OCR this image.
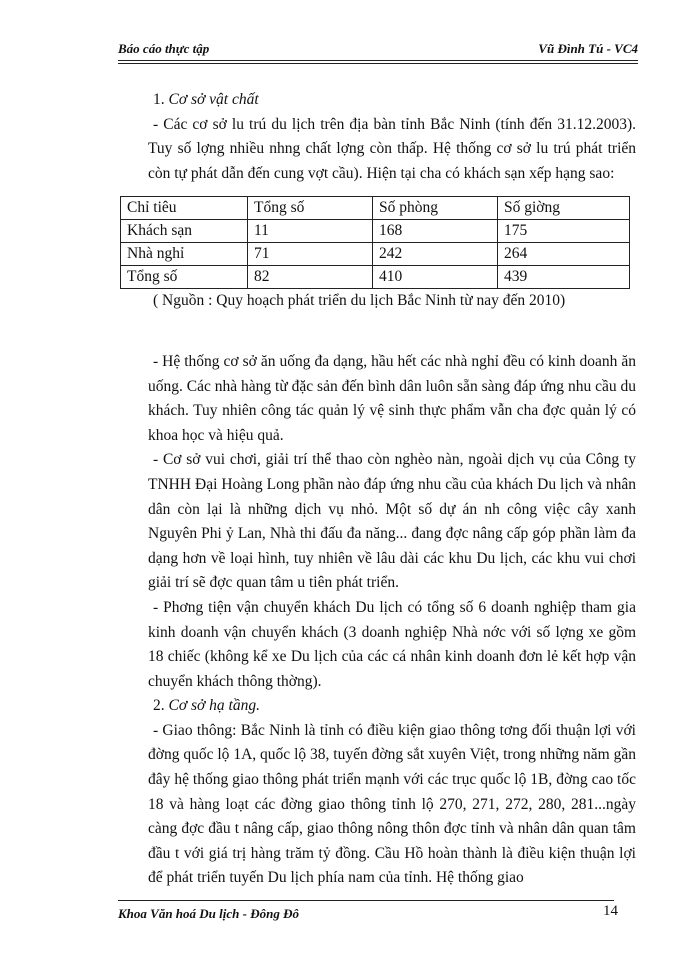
Báo cáo thực tập	Vũ Đình Tú - VC4

1. Cơ sở vật chất

- Các cơ sở lu trú du lịch trên địa bàn tỉnh Bắc Ninh (tính đến 31.12.2003). Tuy số lợng nhiều nhng chất lợng còn thấp. Hệ thống cơ sở lu trú phát triển còn tự phát dẫn đến cung vợt cầu). Hiện tại cha có khách sạn xếp hạng sao:

Chỉ tiêu	Tổng số	Số phòng	Số giờng
Khách sạn	11	168	175
Nhà nghỉ	71	242	264
Tổng số	82	410	439

( Nguồn : Quy hoạch phát triển du lịch Bắc Ninh từ nay đến 2010)

- Hệ thống cơ sở ăn uống đa dạng, hầu hết các nhà nghỉ đều có kinh doanh ăn uống. Các nhà hàng từ đặc sản đến bình dân luôn sẵn sàng đáp ứng nhu cầu du khách. Tuy nhiên công tác quản lý vệ sinh thực phẩm vẫn cha đợc quản lý có khoa học và hiệu quả.

- Cơ sở vui chơi, giải trí thể thao còn nghèo nàn, ngoài dịch vụ của Công ty TNHH Đại Hoàng Long phần nào đáp ứng nhu cầu của khách Du lịch và nhân dân còn lại là những dịch vụ nhỏ. Một số dự án nh công việc cây xanh Nguyên Phi ỷ Lan, Nhà thi đấu đa năng... đang đợc nâng cấp góp phần làm đa dạng hơn về loại hình, tuy nhiên về lâu dài các khu Du lịch, các khu vui chơi giải trí sẽ đợc quan tâm u tiên phát triển.

- Phơng tiện vận chuyển khách Du lịch có tổng số 6 doanh nghiệp tham gia kinh doanh vận chuyển khách (3 doanh nghiệp Nhà nớc với số lợng xe gồm 18 chiếc (không kể xe Du lịch của các cá nhân kinh doanh đơn lẻ kết hợp vận chuyển khách thông thờng).

2. Cơ sở hạ tầng.

- Giao thông: Bắc Ninh là tỉnh có điều kiện giao thông tơng đối thuận lợi với đờng quốc lộ 1A, quốc lộ 38, tuyến đờng sắt xuyên Việt, trong những năm gần đây hệ thống giao thông phát triển mạnh với các trục quốc lộ 1B, đờng cao tốc 18 và hàng loạt các đờng giao thông tỉnh lộ 270, 271, 272, 280, 281...ngày càng đợc đầu t nâng cấp, giao thông nông thôn đợc tỉnh và nhân dân quan tâm đầu t với giá trị hàng trăm tỷ đồng. Cầu Hồ hoàn thành là điều kiện thuận lợi để phát triển tuyến Du lịch phía nam của tỉnh. Hệ thống giao

Khoa Văn hoá Du lịch - Đông Đô	14
